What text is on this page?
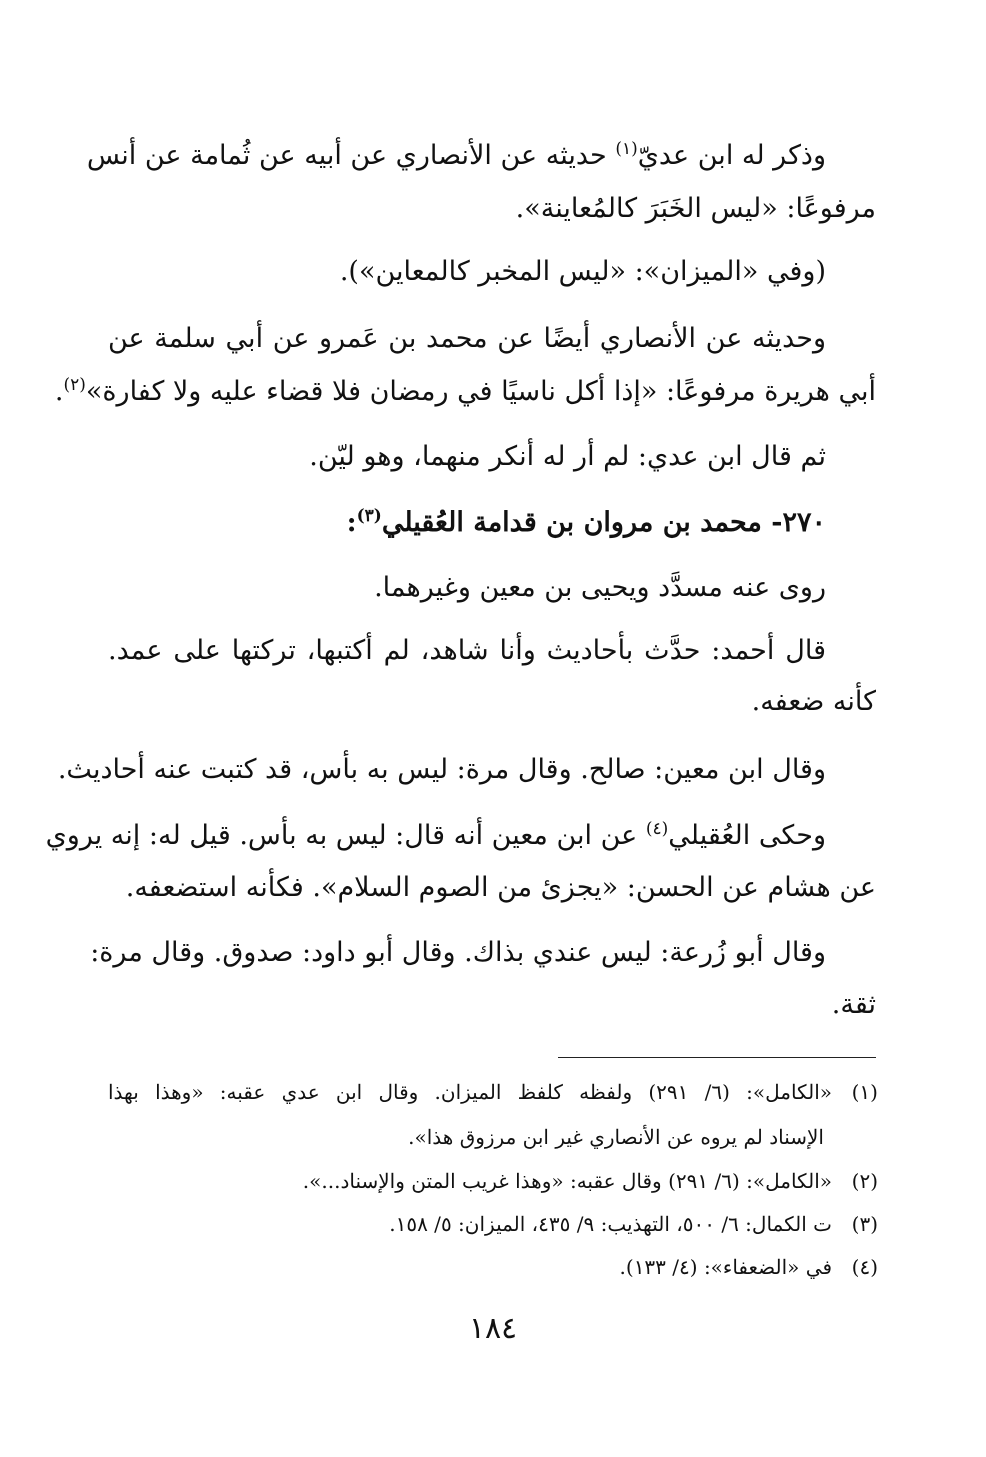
وذكر له ابن عديّ$^{(١)}$ حديثه عن الأنصاري عن أبيه عن ثُمامة عن أنس
مرفوعًا: «ليس الخَبَرَ كالمُعاينة».
(وفي «الميزان»: «ليس المخبر كالمعاين»).
وحديثه عن الأنصاري أيضًا عن محمد بن عَمرو عن أبي سلمة عن
أبي هريرة مرفوعًا: «إذا أكل ناسيًا في رمضان فلا قضاء عليه ولا كفارة»$^{(٢)}$.
ثم قال ابن عدي: لم أر له أنكر منهما، وهو ليّن.
٢٧٠- محمد بن مروان بن قدامة العُقيلي$^{(٣)}$:
روى عنه مسدَّد ويحيى بن معين وغيرهما.
قال أحمد: حدَّث بأحاديث وأنا شاهد، لم أكتبها، تركتها على عمد.
كأنه ضعفه.
وقال ابن معين: صالح. وقال مرة: ليس به بأس، قد كتبت عنه أحاديث.
وحكى العُقيلي$^{(٤)}$ عن ابن معين أنه قال: ليس به بأس. قيل له: إنه يروي
عن هشام عن الحسن: «يجزئ من الصوم السلام». فكأنه استضعفه.
وقال أبو زُرعة: ليس عندي بذاك. وقال أبو داود: صدوق. وقال مرة:
ثقة.
(١)«الكامل»: (٦/ ٢٩١) ولفظه كلفظ الميزان. وقال ابن عدي عقبه: «وهذا بهذا
الإسناد لم يروه عن الأنصاري غير ابن مرزوق هذا».
(٢)«الكامل»: (٦/ ٢٩١) وقال عقبه: «وهذا غريب المتن والإسناد...».
(٣)ت الكمال: ٦/ ٥٠٠، التهذيب: ٩/ ٤٣٥، الميزان: ٥/ ١٥٨.
(٤)في «الضعفاء»: (٤/ ١٣٣).
١٨٤
